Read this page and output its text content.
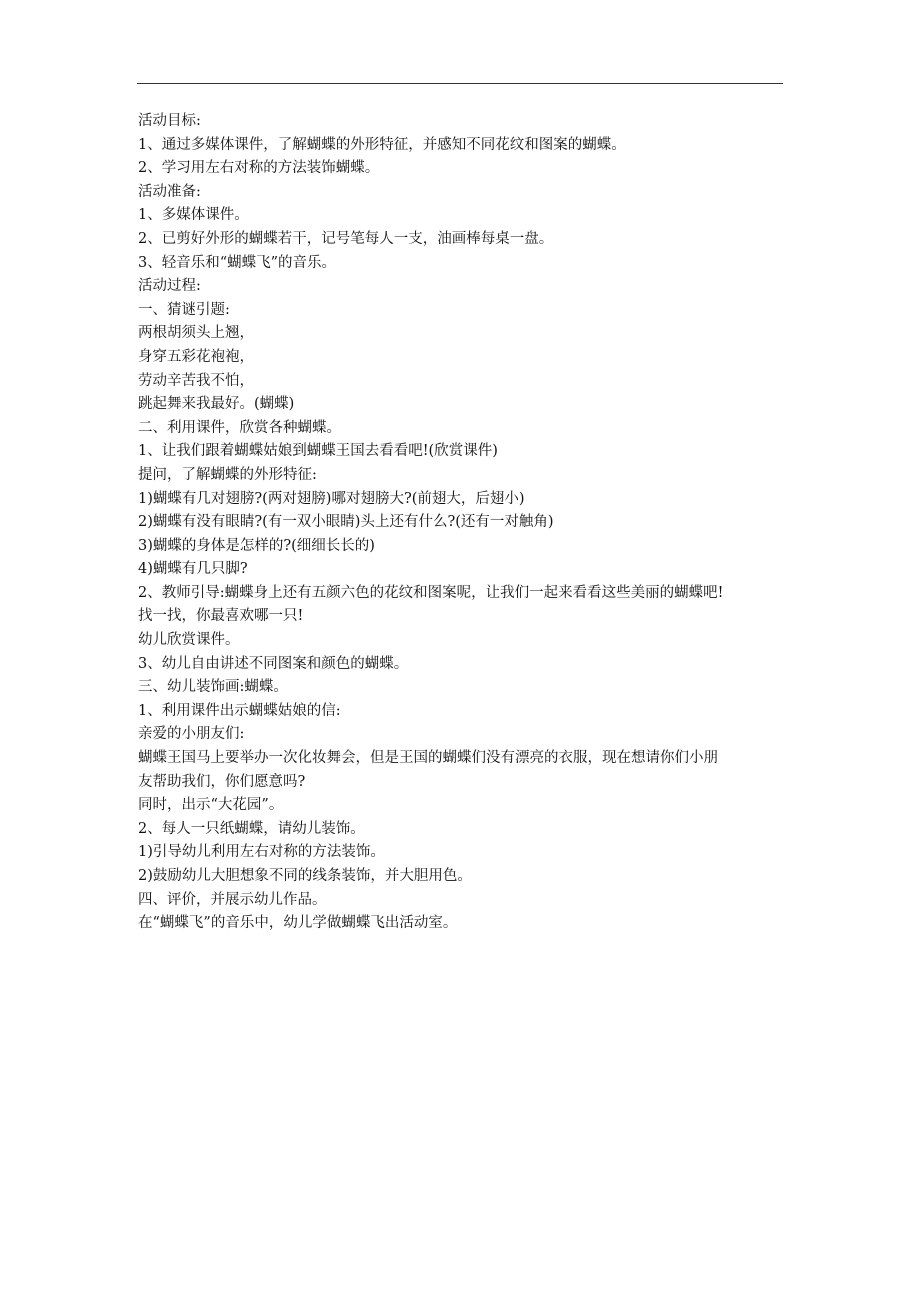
活动目标:
1、通过多媒体课件，了解蝴蝶的外形特征，并感知不同花纹和图案的蝴蝶。
2、学习用左右对称的方法装饰蝴蝶。
活动准备:
1、多媒体课件。
2、已剪好外形的蝴蝶若干，记号笔每人一支，油画棒每桌一盘。
3、轻音乐和“蝴蝶飞”的音乐。
活动过程:
一、猜谜引题:
两根胡须头上翘，
身穿五彩花袍袍，
劳动辛苦我不怕，
跳起舞来我最好。(蝴蝶)
二、利用课件，欣赏各种蝴蝶。
1、让我们跟着蝴蝶姑娘到蝴蝶王国去看看吧!(欣赏课件)
提问，了解蝴蝶的外形特征:
1)蝴蝶有几对翅膀?(两对翅膀)哪对翅膀大?(前翅大，后翅小)
2)蝴蝶有没有眼睛?(有一双小眼睛)头上还有什么?(还有一对触角)
3)蝴蝶的身体是怎样的?(细细长长的)
4)蝴蝶有几只脚?
2、教师引导:蝴蝶身上还有五颜六色的花纹和图案呢，让我们一起来看看这些美丽的蝴蝶吧!
找一找，你最喜欢哪一只!
幼儿欣赏课件。
3、幼儿自由讲述不同图案和颜色的蝴蝶。
三、幼儿装饰画:蝴蝶。
1、利用课件出示蝴蝶姑娘的信:
亲爱的小朋友们:
蝴蝶王国马上要举办一次化妆舞会，但是王国的蝴蝶们没有漂亮的衣服，现在想请你们小朋
友帮助我们，你们愿意吗?
同时，出示“大花园”。
2、每人一只纸蝴蝶，请幼儿装饰。
1)引导幼儿利用左右对称的方法装饰。
2)鼓励幼儿大胆想象不同的线条装饰，并大胆用色。
四、评价，并展示幼儿作品。
在“蝴蝶飞”的音乐中，幼儿学做蝴蝶飞出活动室。
